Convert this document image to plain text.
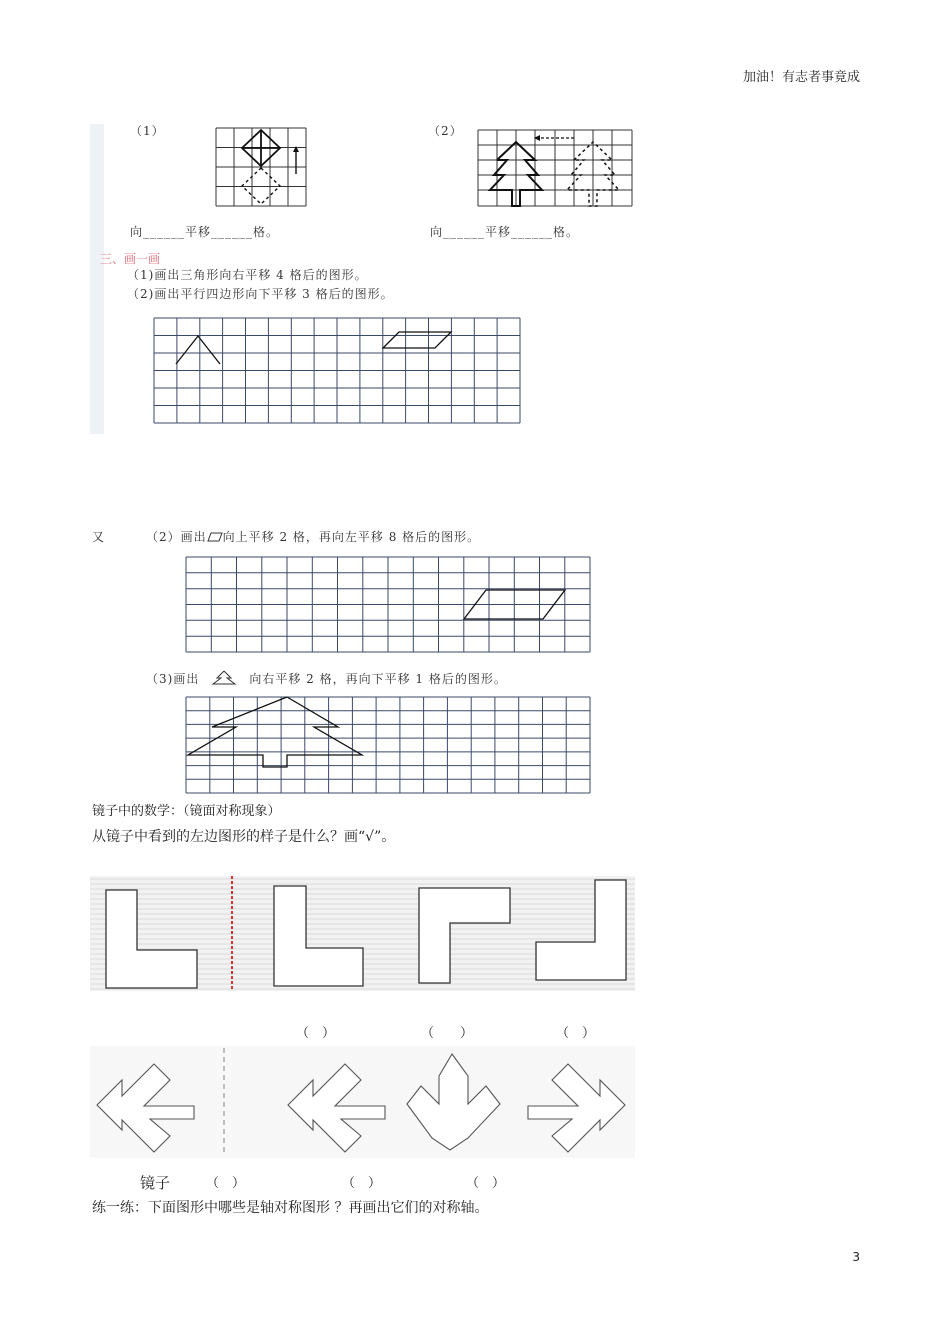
加油！有志者事竟成
（1）	（2）
向______平移______格。	向______平移______格。
三、画一画
（1)画出三角形向右平移 4 格后的图形。
（2)画出平行四边形向下平移 3 格后的图形。
又	（2）画出 向上平移 2 格，再向左平移 8 格后的图形。
（3)画出	向右平移 2 格，再向下平移 1 格后的图形。
镜子中的数学：（镜面对称现象）
从镜子中看到的左边图形的样子是什么？画“√”。
（　）	（　　）	（　）
镜子	（　）	（　）	（　）
练一练：下面图形中哪些是轴对称图形 ？再画出它们的对称轴。
3
